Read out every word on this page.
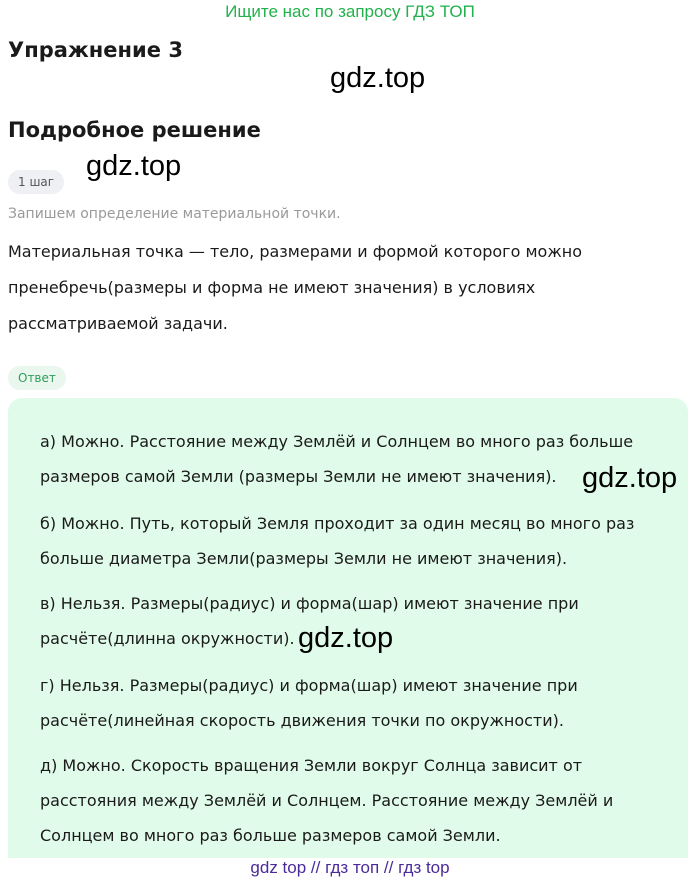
Ищите нас по запросу ГДЗ ТОП
Упражнение 3
gdz.top
Подробное решение
1 шаг	gdz.top
Запишем определение материальной точки.
Материальная точка — тело, размерами и формой которого можно пренебречь(размеры и форма не имеют значения) в условиях рассматриваемой задачи.
Ответ
а) Можно. Расстояние между Землёй и Солнцем во много раз больше размеров самой Земли (размеры Земли не имеют значения).
б) Можно. Путь, который Земля проходит за один месяц во много раз больше диаметра Земли(размеры Земли не имеют значения).
в) Нельзя. Размеры(радиус) и форма(шар) имеют значение при расчёте(длинна окружности).
г) Нельзя. Размеры(радиус) и форма(шар) имеют значение при расчёте(линейная скорость движения точки по окружности).
д) Можно. Скорость вращения Земли вокруг Солнца зависит от расстояния между Землёй и Солнцем. Расстояние между Землёй и Солнцем во много раз больше размеров самой Земли.
gdz.top
gdz.top
gdz top // гдз топ // гдз top
